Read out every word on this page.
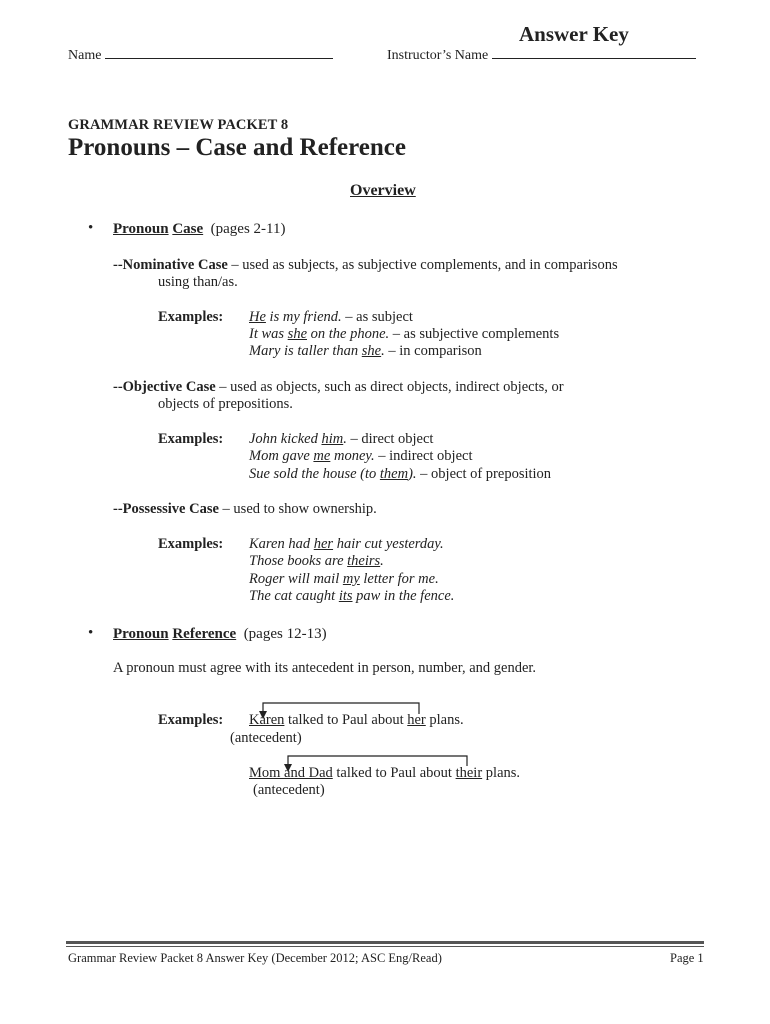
Answer Key
Name	Instructor’s Name
GRAMMAR REVIEW PACKET 8
Pronouns – Case and Reference
Overview
• Pronoun Case (pages 2-11)
--Nominative Case – used as subjects, as subjective complements, and in comparisons
using than/as.
Examples: He is my friend. – as subject
It was she on the phone. – as subjective complements
Mary is taller than she. – in comparison
--Objective Case – used as objects, such as direct objects, indirect objects, or
objects of prepositions.
Examples: John kicked him. – direct object
Mom gave me money. – indirect object
Sue sold the house (to them). – object of preposition
--Possessive Case – used to show ownership.
Examples: Karen had her hair cut yesterday.
Those books are theirs.
Roger will mail my letter for me.
The cat caught its paw in the fence.
• Pronoun Reference (pages 12-13)
A pronoun must agree with its antecedent in person, number, and gender.
Examples: Karen talked to Paul about her plans.
(antecedent)
Mom and Dad talked to Paul about their plans.
(antecedent)
Grammar Review Packet 8 Answer Key (December 2012; ASC Eng/Read)	Page 1
